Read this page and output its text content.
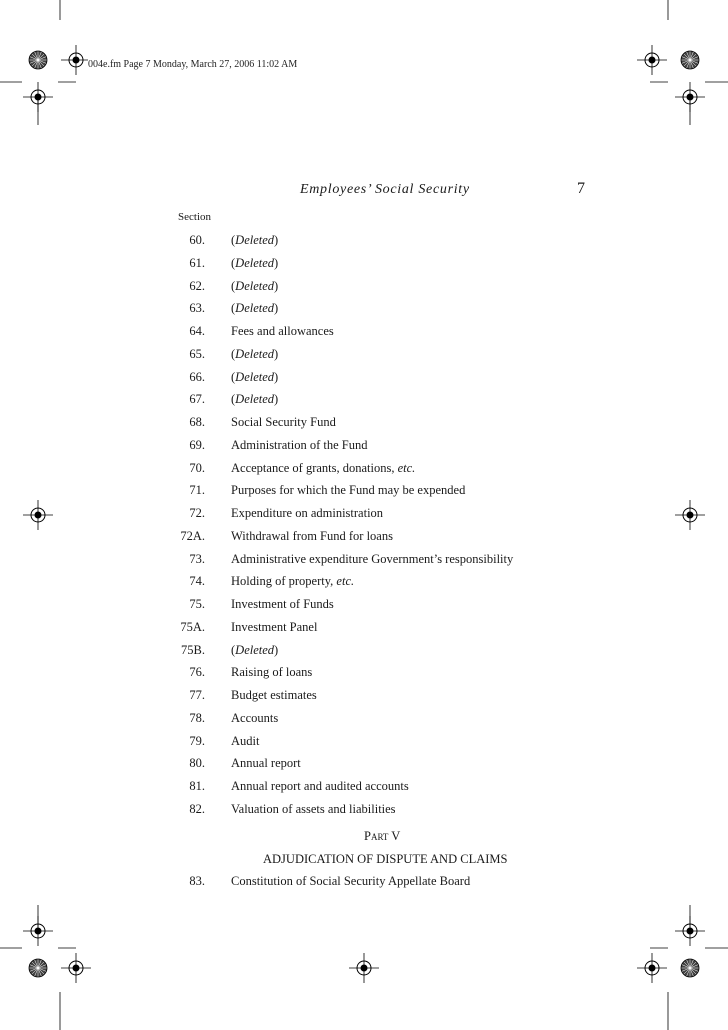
004e.fm Page 7 Monday, March 27, 2006 11:02 AM
Employees’ Social Security	7
Section
60. (Deleted)
61. (Deleted)
62. (Deleted)
63. (Deleted)
64. Fees and allowances
65. (Deleted)
66. (Deleted)
67. (Deleted)
68. Social Security Fund
69. Administration of the Fund
70. Acceptance of grants, donations, etc.
71. Purposes for which the Fund may be expended
72. Expenditure on administration
72A. Withdrawal from Fund for loans
73. Administrative expenditure Government’s responsibility
74. Holding of property, etc.
75. Investment of Funds
75A. Investment Panel
75B. (Deleted)
76. Raising of loans
77. Budget estimates
78. Accounts
79. Audit
80. Annual report
81. Annual report and audited accounts
82. Valuation of assets and liabilities
Part V
ADJUDICATION OF DISPUTE AND CLAIMS
83. Constitution of Social Security Appellate Board
